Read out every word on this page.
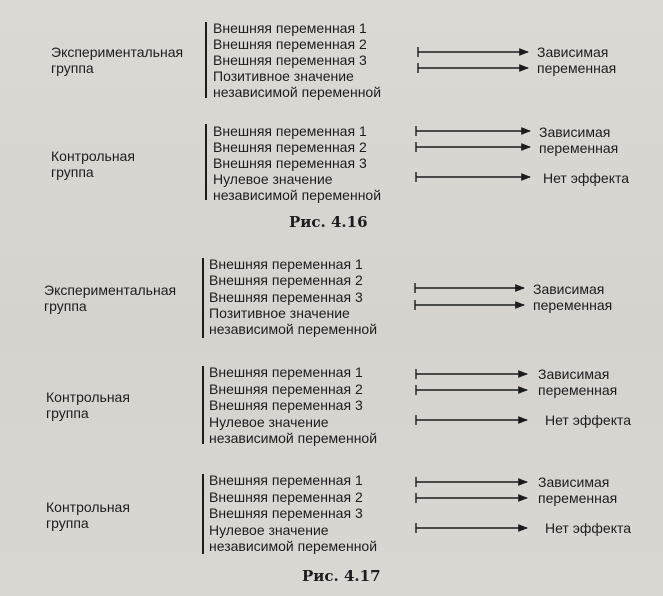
Экспериментальная
группа
Внешняя переменная 1
Внешняя переменная 2
Внешняя переменная 3
Позитивное значение
независимой переменной
Зависимая
переменная
Контрольная
группа
Внешняя переменная 1
Внешняя переменная 2
Внешняя переменная 3
Нулевое значение
независимой переменной
Зависимая
переменная
Нет эффекта
Рис. 4.16
Экспериментальная
группа
Внешняя переменная 1
Внешняя переменная 2
Внешняя переменная 3
Позитивное значение
независимой переменной
Зависимая
переменная
Контрольная
группа
Внешняя переменная 1
Внешняя переменная 2
Внешняя переменная 3
Нулевое значение
независимой переменной
Зависимая
переменная
Нет эффекта
Контрольная
группа
Внешняя переменная 1
Внешняя переменная 2
Внешняя переменная 3
Нулевое значение
независимой переменной
Зависимая
переменная
Нет эффекта
Рис. 4.17
